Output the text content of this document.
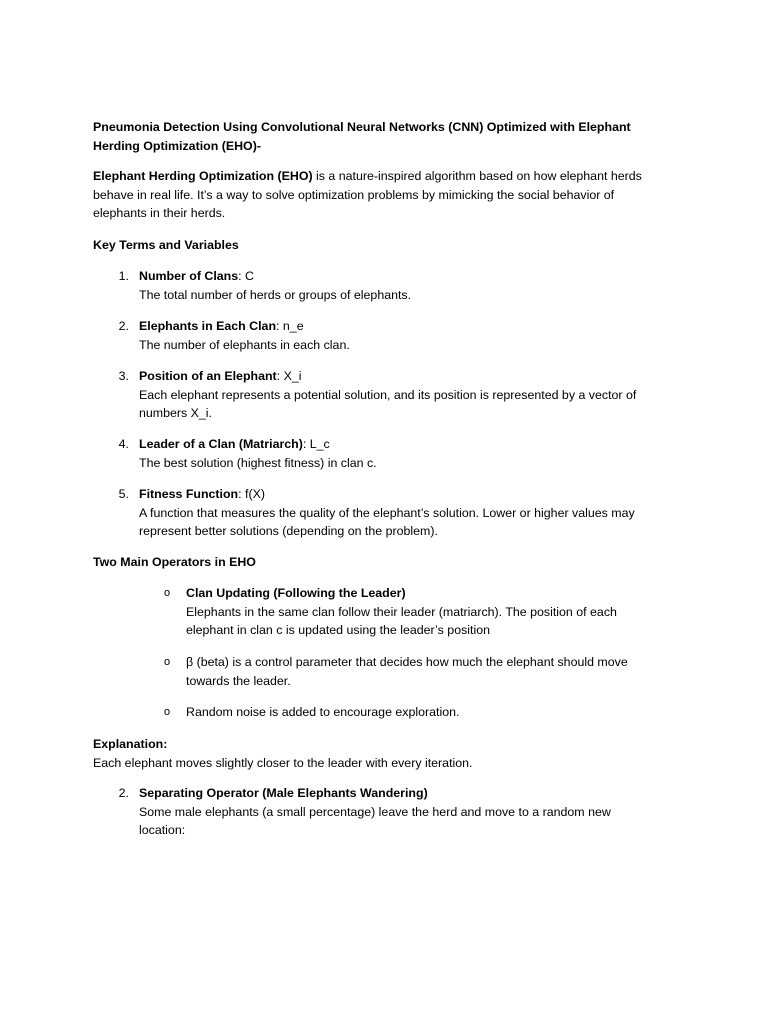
Pneumonia Detection Using Convolutional Neural Networks (CNN) Optimized with Elephant
Herding Optimization (EHO)-

Elephant Herding Optimization (EHO) is a nature-inspired algorithm based on how elephant herds
behave in real life. It’s a way to solve optimization problems by mimicking the social behavior of
elephants in their herds.

Key Terms and Variables

1. Number of Clans: C
The total number of herds or groups of elephants.
2. Elephants in Each Clan: n_e
The number of elephants in each clan.
3. Position of an Elephant: X_i
Each elephant represents a potential solution, and its position is represented by a vector of
numbers X_i.
4. Leader of a Clan (Matriarch): L_c
The best solution (highest fitness) in clan c.
5. Fitness Function: f(X)
A function that measures the quality of the elephant’s solution. Lower or higher values may
represent better solutions (depending on the problem).

Two Main Operators in EHO

o Clan Updating (Following the Leader)
Elephants in the same clan follow their leader (matriarch). The position of each
elephant in clan c is updated using the leader’s position
o β (beta) is a control parameter that decides how much the elephant should move
towards the leader.
o Random noise is added to encourage exploration.

Explanation:
Each elephant moves slightly closer to the leader with every iteration.

2. Separating Operator (Male Elephants Wandering)
Some male elephants (a small percentage) leave the herd and move to a random new
location:
